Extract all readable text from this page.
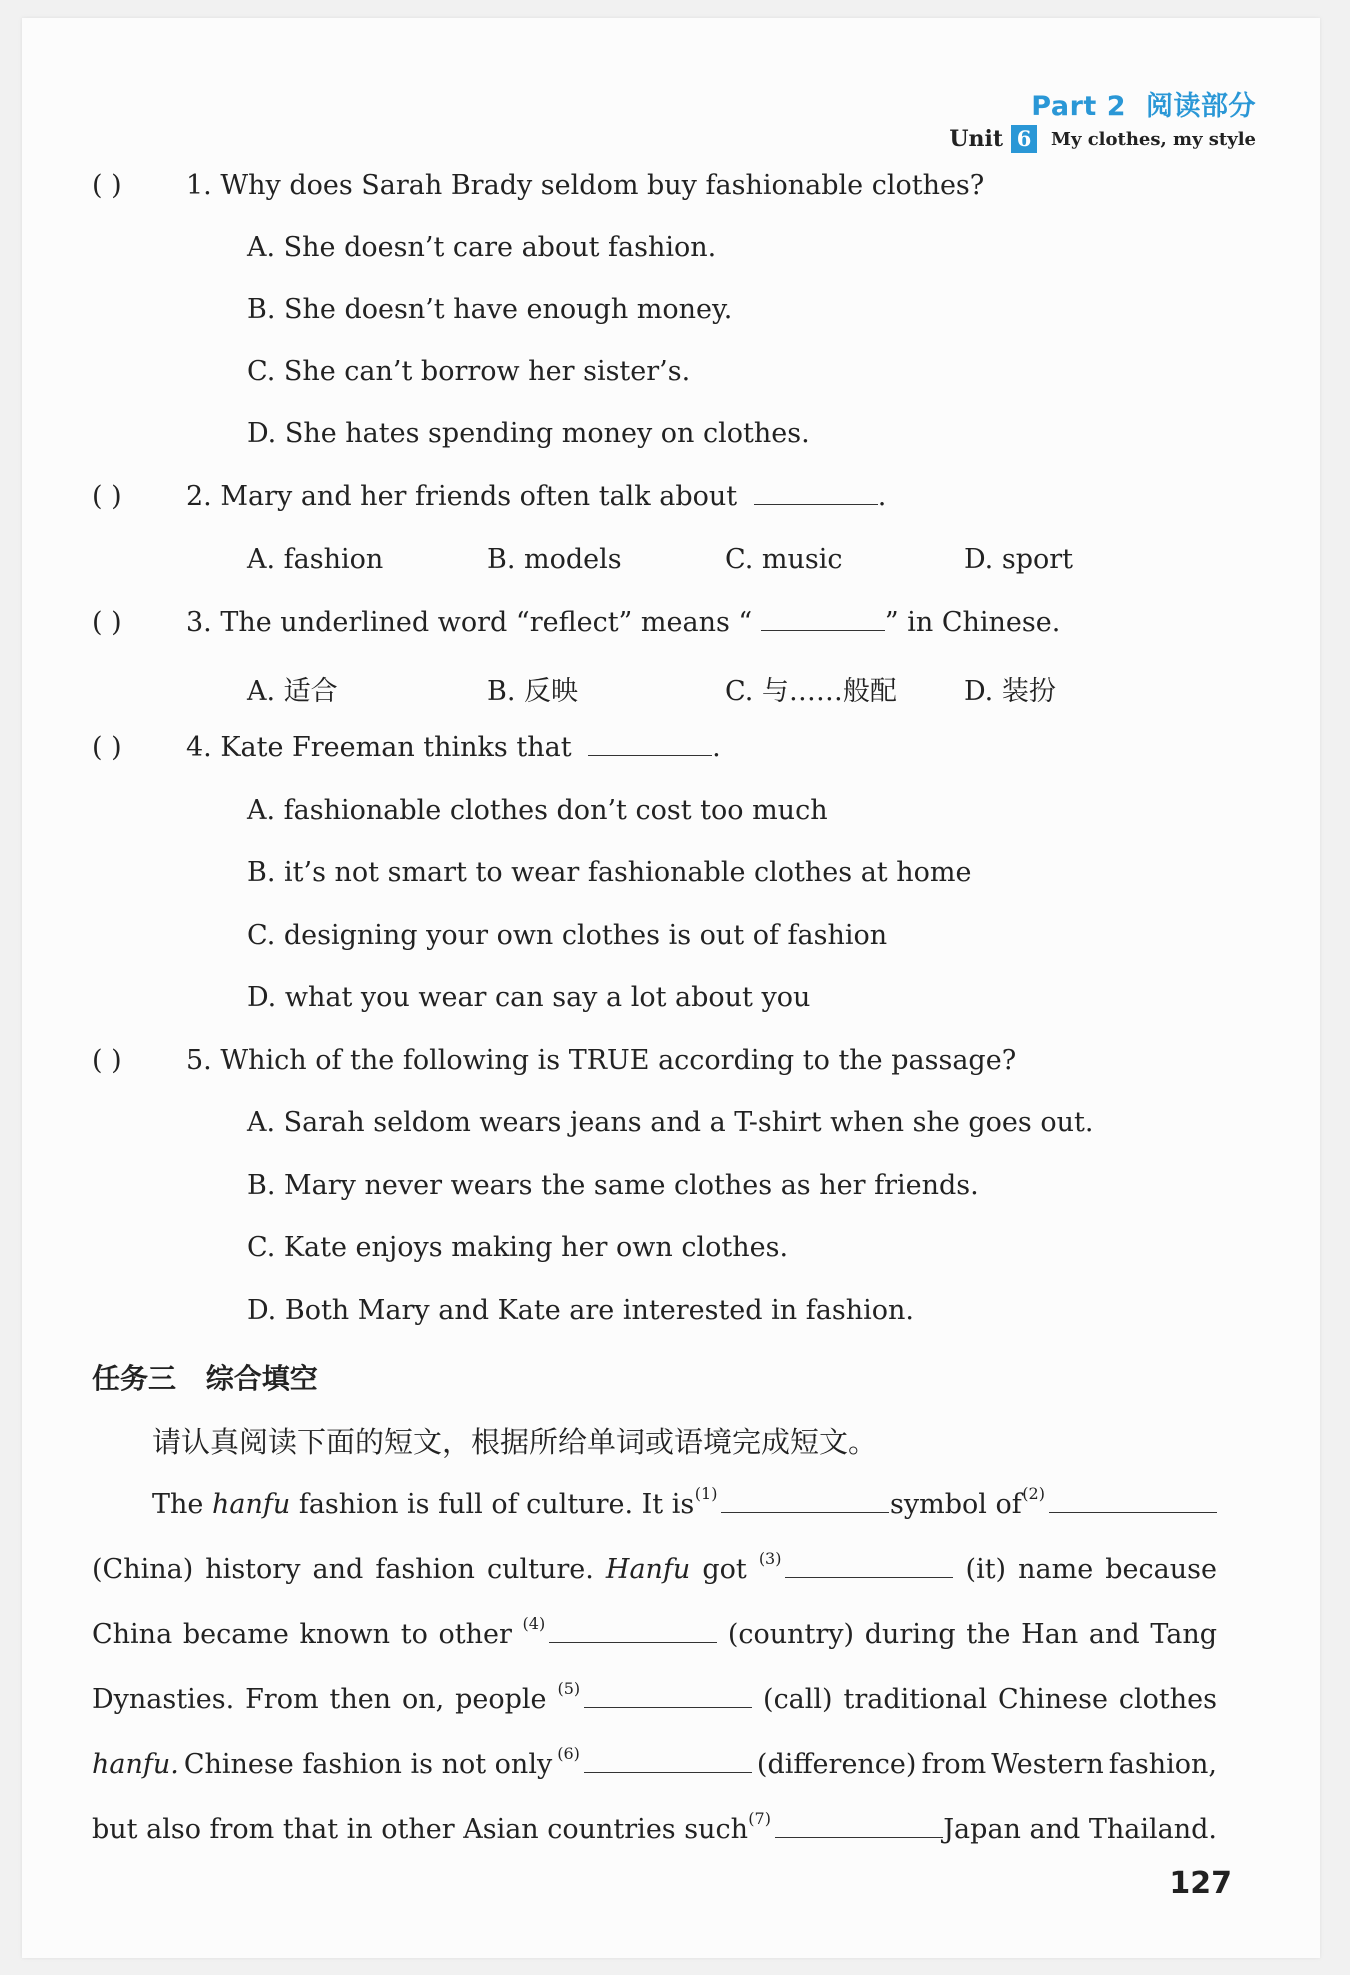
Part 2 阅读部分
Unit 6	My clothes, my style
( ) 1. Why does Sarah Brady seldom buy fashionable clothes?
A. She doesn’t care about fashion.
B. She doesn’t have enough money.
C. She can’t borrow her sister’s.
D. She hates spending money on clothes.
( ) 2. Mary and her friends often talk about	.
A. fashion	B. models	C. music	D. sport
( ) 3. The underlined word “reflect” means “	” in Chinese.
A. 适合	B. 反映	C. 与……般配 D. 装扮
( ) 4. Kate Freeman thinks that	.
A. fashionable clothes don’t cost too much
B. it’s not smart to wear fashionable clothes at home
C. designing your own clothes is out of fashion
D. what you wear can say a lot about you
( ) 5. Which of the following is TRUE according to the passage?
A. Sarah seldom wears jeans and a T-shirt when she goes out.
B. Mary never wears the same clothes as her friends.
C. Kate enjoys making her own clothes.
D. Both Mary and Kate are interested in fashion.
任务三 综合填空
请认真阅读下面的短文，根据所给单词或语境完成短文。
The hanfu fashion is full of culture. It is $^{(1)}$	symbol of $^{(2)}$
(China) history and fashion culture. Hanfu got $^{(3)}$	(it) name because
China became known to other $^{(4)}$	(country) during the Han and Tang
Dynasties. From then on, people $^{(5)}$	(call) traditional Chinese clothes
hanfu. Chinese fashion is not only $^{(6)}$	(difference) from Western fashion,
but also from that in other Asian countries such $^{(7)}$	Japan and Thailand.
127
